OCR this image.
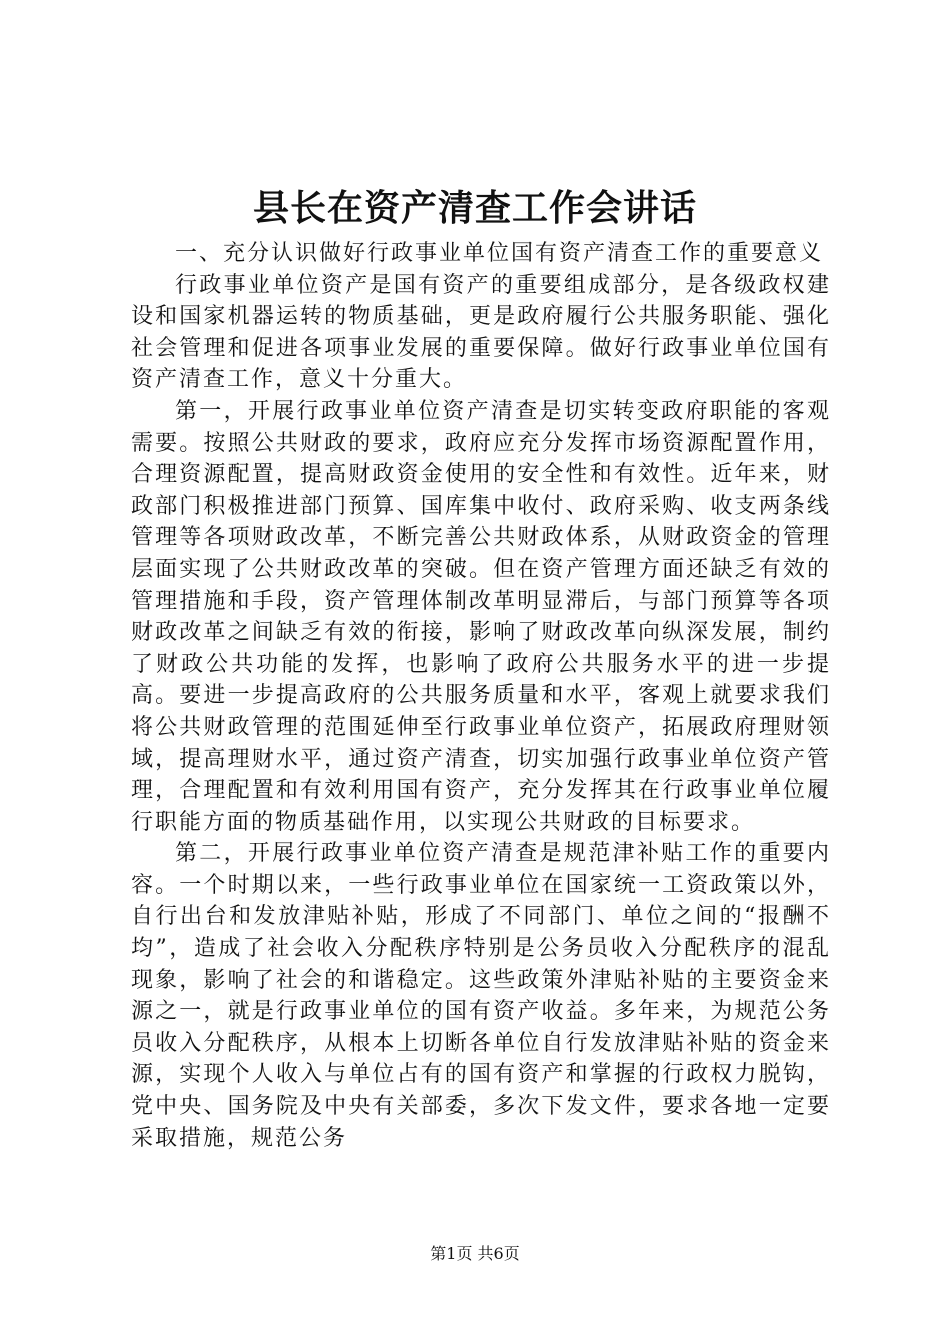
县长在资产清查工作会讲话

一、充分认识做好行政事业单位国有资产清查工作的重要意义

行政事业单位资产是国有资产的重要组成部分，是各级政权建设和国家机器运转的物质基础，更是政府履行公共服务职能、强化社会管理和促进各项事业发展的重要保障。做好行政事业单位国有资产清查工作，意义十分重大。

第一，开展行政事业单位资产清查是切实转变政府职能的客观需要。按照公共财政的要求，政府应充分发挥市场资源配置作用，合理资源配置，提高财政资金使用的安全性和有效性。近年来，财政部门积极推进部门预算、国库集中收付、政府采购、收支两条线管理等各项财政改革，不断完善公共财政体系，从财政资金的管理层面实现了公共财政改革的突破。但在资产管理方面还缺乏有效的管理措施和手段，资产管理体制改革明显滞后，与部门预算等各项财政改革之间缺乏有效的衔接，影响了财政改革向纵深发展，制约了财政公共功能的发挥，也影响了政府公共服务水平的进一步提高。要进一步提高政府的公共服务质量和水平，客观上就要求我们将公共财政管理的范围延伸至行政事业单位资产，拓展政府理财领域，提高理财水平，通过资产清查，切实加强行政事业单位资产管理，合理配置和有效利用国有资产，充分发挥其在行政事业单位履行职能方面的物质基础作用，以实现公共财政的目标要求。

第二，开展行政事业单位资产清查是规范津补贴工作的重要内容。一个时期以来，一些行政事业单位在国家统一工资政策以外，自行出台和发放津贴补贴，形成了不同部门、单位之间的“报酬不均”，造成了社会收入分配秩序特别是公务员收入分配秩序的混乱现象，影响了社会的和谐稳定。这些政策外津贴补贴的主要资金来源之一，就是行政事业单位的国有资产收益。多年来，为规范公务员收入分配秩序，从根本上切断各单位自行发放津贴补贴的资金来源，实现个人收入与单位占有的国有资产和掌握的行政权力脱钩，党中央、国务院及中央有关部委，多次下发文件，要求各地一定要采取措施，规范公务

第1页 共6页
